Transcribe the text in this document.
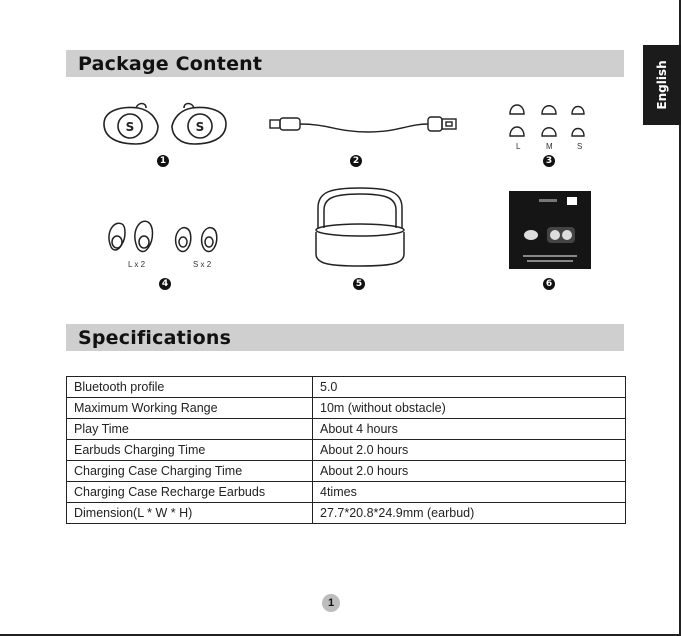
English
Package Content
S	S
1	2
L	M	S
3
L x 2	S x 2
4	5	6
Specifications
Bluetooth profile	5.0
Maximum Working Range	10m (without obstacle)
Play Time	About 4 hours
Earbuds Charging Time	About 2.0 hours
Charging Case Charging Time	About 2.0 hours
Charging Case Recharge Earbuds	4times
Dimension(L * W * H)	27.7*20.8*24.9mm (earbud)
1
